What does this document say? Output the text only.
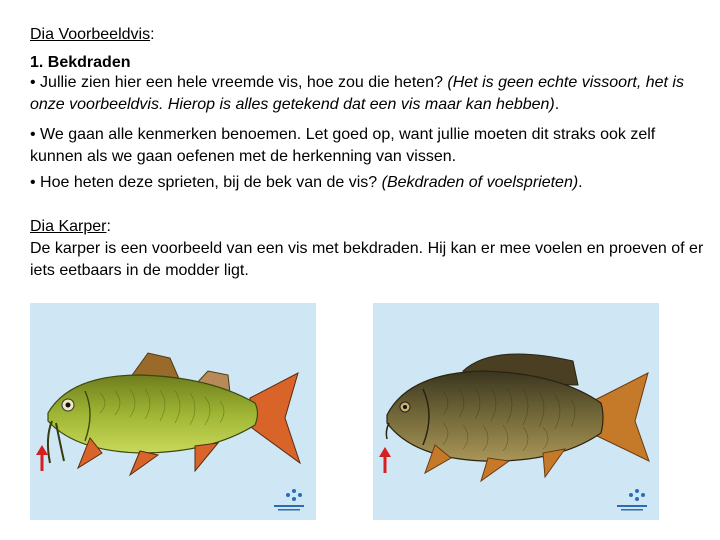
Dia Voorbeeldvis:
1. Bekdraden
• Jullie zien hier een hele vreemde vis, hoe zou die heten? (Het is geen echte vissoort, het is onze voorbeeldvis. Hierop is alles getekend dat een vis maar kan hebben).
• We gaan alle kenmerken benoemen. Let goed op, want jullie moeten dit straks ook zelf kunnen als we gaan oefenen met de herkenning van vissen.
• Hoe heten deze sprieten, bij de bek van de vis? (Bekdraden of voelsprieten).
Dia Karper:
De karper is een voorbeeld van een vis met bekdraden. Hij kan er mee voelen en proeven of er iets eetbaars in de modder ligt.
